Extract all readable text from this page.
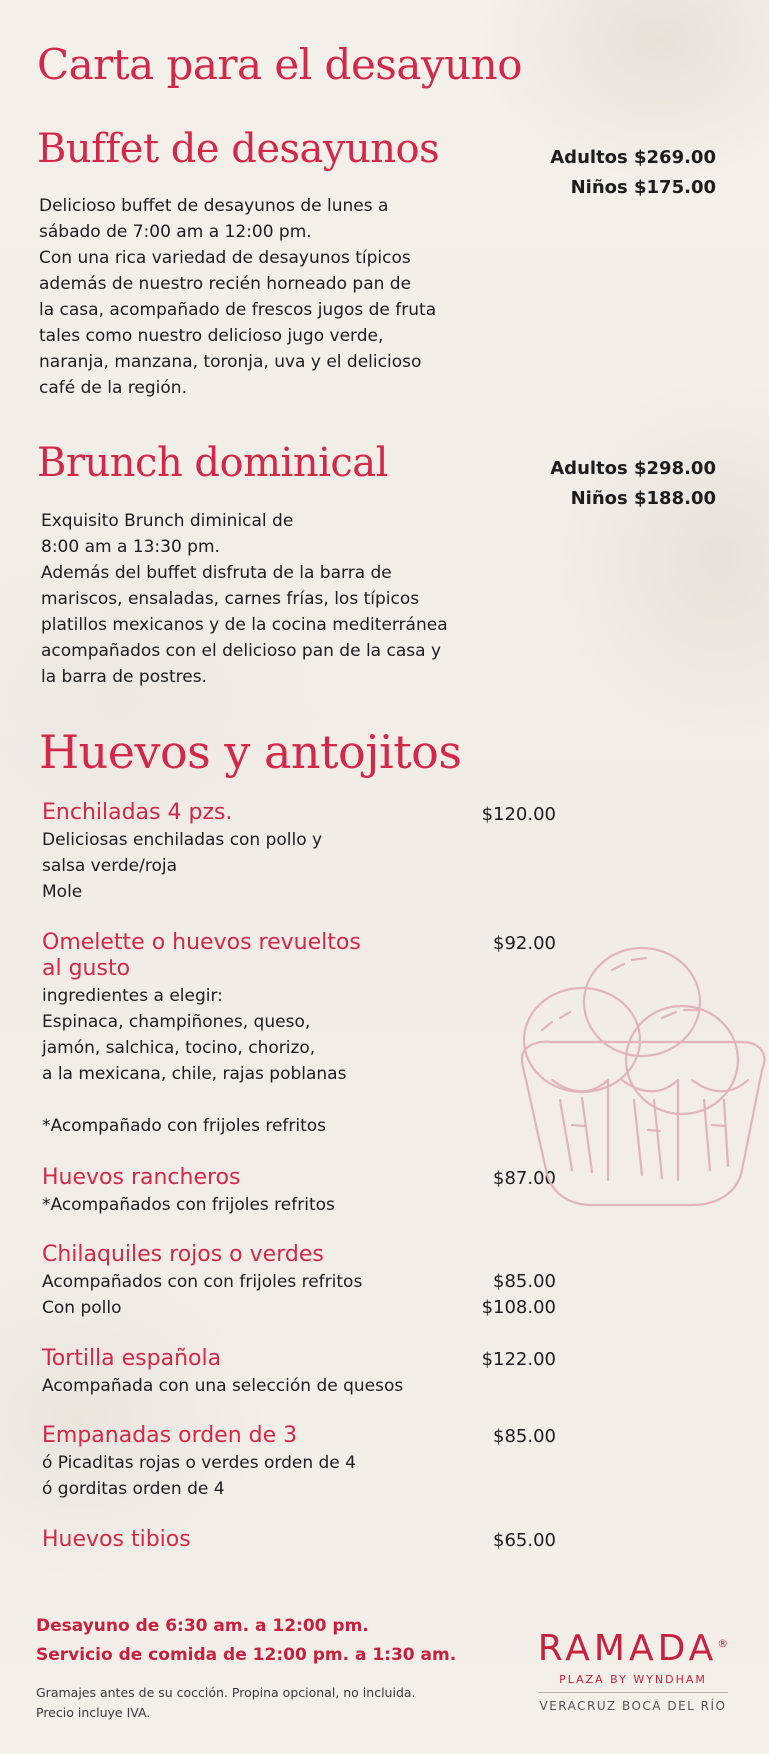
Carta para el desayuno
Buffet de desayunos	Adultos $269.00
Niños $175.00
Delicioso buffet de desayunos de lunes a
sábado de 7:00 am a 12:00 pm.
Con una rica variedad de desayunos típicos
además de nuestro recién horneado pan de
la casa, acompañado de frescos jugos de fruta
tales como nuestro delicioso jugo verde,
naranja, manzana, toronja, uva y el delicioso
café de la región.
Brunch dominical	Adultos $298.00
Niños $188.00
Exquisito Brunch diminical de
8:00 am a 13:30 pm.
Además del buffet disfruta de la barra de
mariscos, ensaladas, carnes frías, los típicos
platillos mexicanos y de la cocina mediterránea
acompañados con el delicioso pan de la casa y
la barra de postres.
Huevos y antojitos
Enchiladas 4 pzs.	$120.00
Deliciosas enchiladas con pollo y
salsa verde/roja
Mole
Omelette o huevos revueltos
al gusto
$92.00
ingredientes a elegir:
Espinaca, champiñones, queso,
jamón, salchica, tocino, chorizo,
a la mexicana, chile, rajas poblanas
*Acompañado con frijoles refritos
Huevos rancheros	$87.00
*Acompañados con frijoles refritos
Chilaquiles rojos o verdes
Acompañados con con frijoles refritos
Con pollo
$85.00
$108.00
Tortilla española	$122.00
Acompañada con una selección de quesos
Empanadas orden de 3	$85.00
ó Picaditas rojas o verdes orden de 4
ó gorditas orden de 4
Huevos tibios	$65.00
Desayuno de 6:30 am. a 12:00 pm.
Servicio de comida de 12:00 pm. a 1:30 am.
Gramajes antes de su cocción. Propina opcional, no incluida.
Precio incluye IVA.
RAMADA®
PLAZA BY WYNDHAM
VERACRUZ BOCA DEL RÍO
